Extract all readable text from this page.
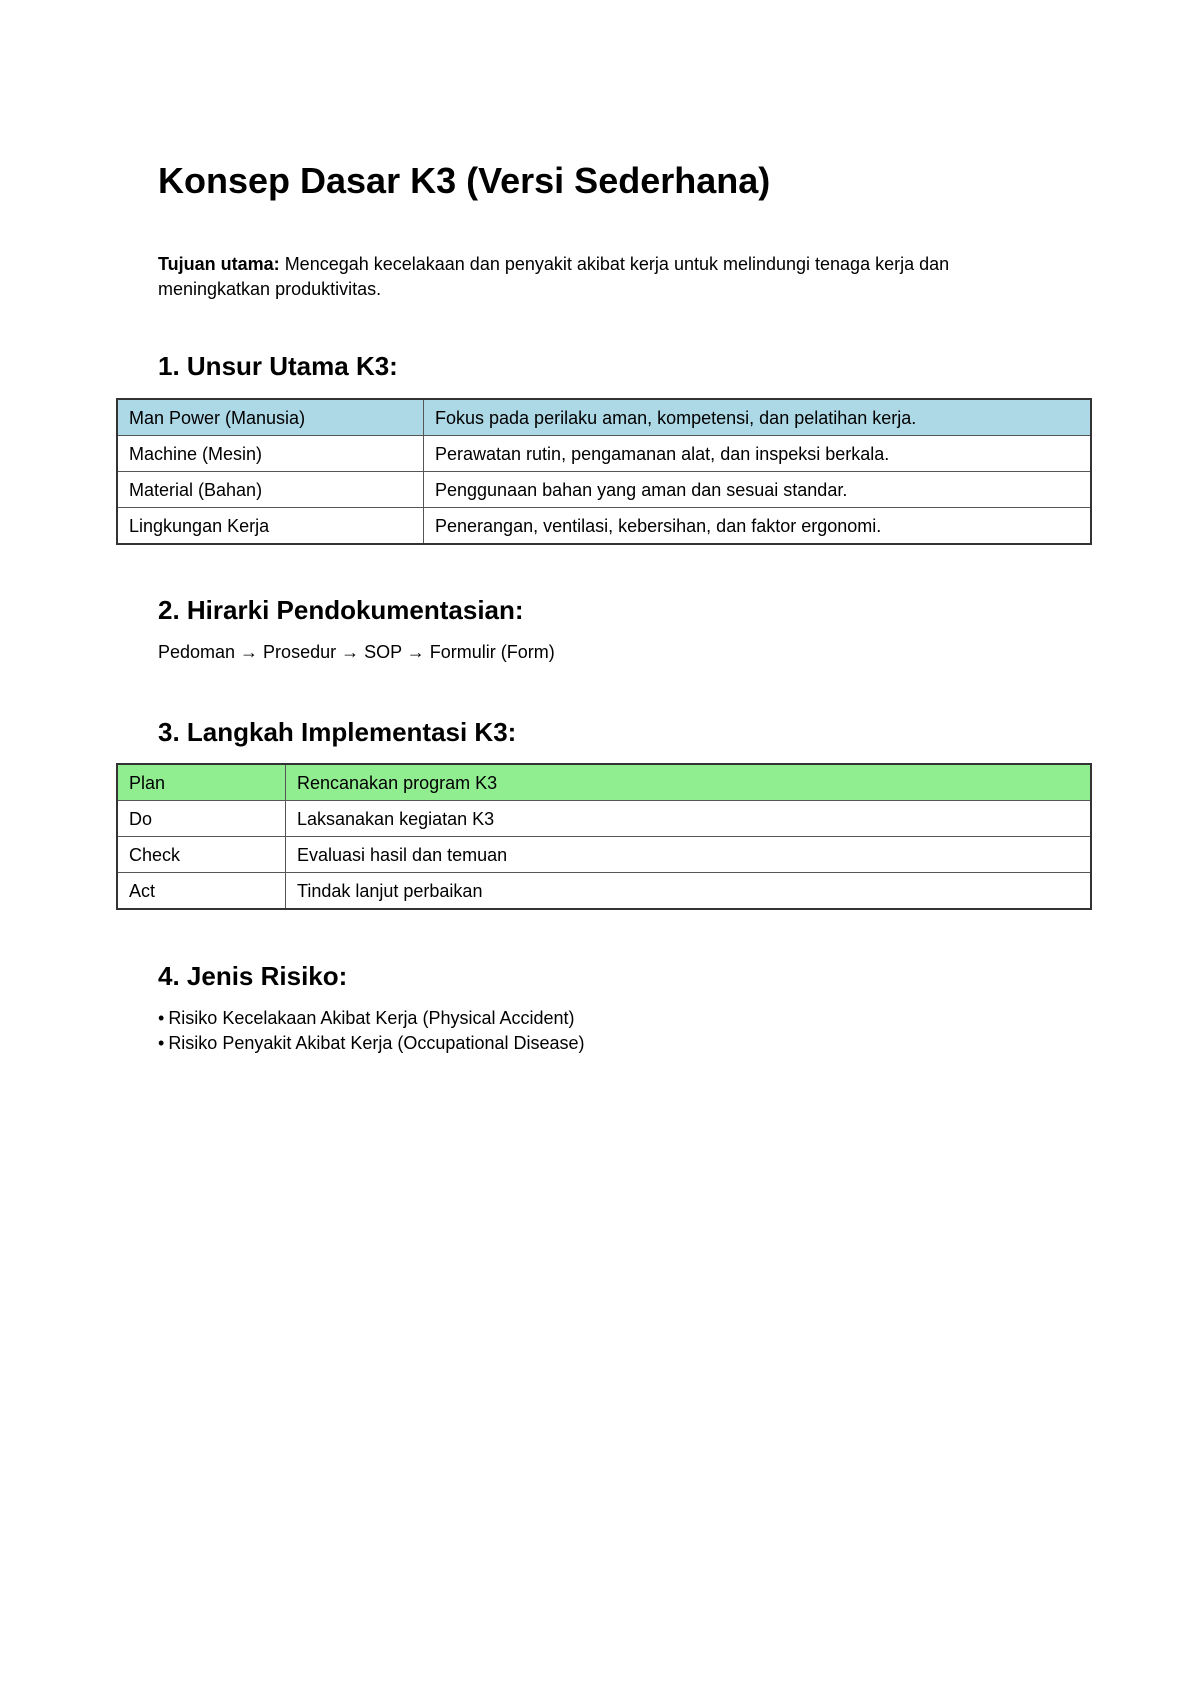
Konsep Dasar K3 (Versi Sederhana)

Tujuan utama: Mencegah kecelakaan dan penyakit akibat kerja untuk melindungi tenaga kerja dan meningkatkan produktivitas.

1. Unsur Utama K3:
Man Power (Manusia)	Fokus pada perilaku aman, kompetensi, dan pelatihan kerja.
Machine (Mesin)	Perawatan rutin, pengamanan alat, dan inspeksi berkala.
Material (Bahan)	Penggunaan bahan yang aman dan sesuai standar.
Lingkungan Kerja	Penerangan, ventilasi, kebersihan, dan faktor ergonomi.
2. Hirarki Pendokumentasian:

Pedoman → Prosedur → SOP → Formulir (Form)

3. Langkah Implementasi K3:
Plan	Rencanakan program K3
Do	Laksanakan kegiatan K3
Check	Evaluasi hasil dan temuan
Act	Tindak lanjut perbaikan
4. Jenis Risiko:
• Risiko Kecelakaan Akibat Kerja (Physical Accident)
• Risiko Penyakit Akibat Kerja (Occupational Disease)
